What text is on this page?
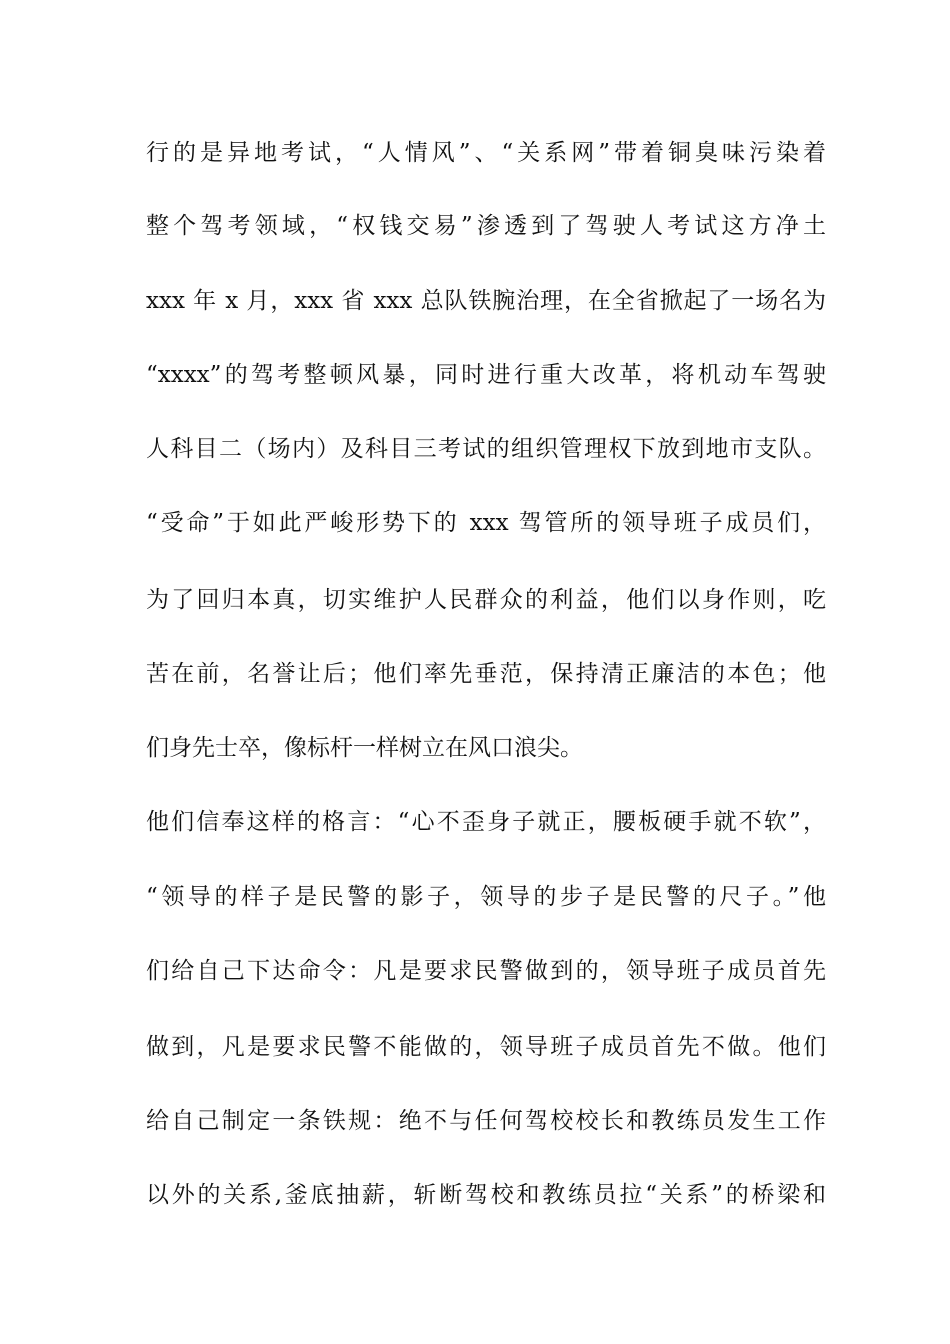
行的是异地考试，“人情风”、“关系网”带着铜臭味污染着
整个驾考领域，“权钱交易”渗透到了驾驶人考试这方净土
xxx 年 x 月，xxx 省 xxx 总队铁腕治理，在全省掀起了一场名为
“xxxx”的驾考整顿风暴，同时进行重大改革，将机动车驾驶
人科目二（场内）及科目三考试的组织管理权下放到地市支队。
“受命”于如此严峻形势下的 xxx 驾管所的领导班子成员们，
为了回归本真，切实维护人民群众的利益，他们以身作则，吃
苦在前，名誉让后；他们率先垂范，保持清正廉洁的本色；他
们身先士卒，像标杆一样树立在风口浪尖。
他们信奉这样的格言：“心不歪身子就正，腰板硬手就不软”，
“领导的样子是民警的影子，领导的步子是民警的尺子。”他
们给自己下达命令：凡是要求民警做到的，领导班子成员首先
做到，凡是要求民警不能做的，领导班子成员首先不做。他们
给自己制定一条铁规：绝不与任何驾校校长和教练员发生工作
以外的关系,釜底抽薪，斩断驾校和教练员拉“关系”的桥梁和
